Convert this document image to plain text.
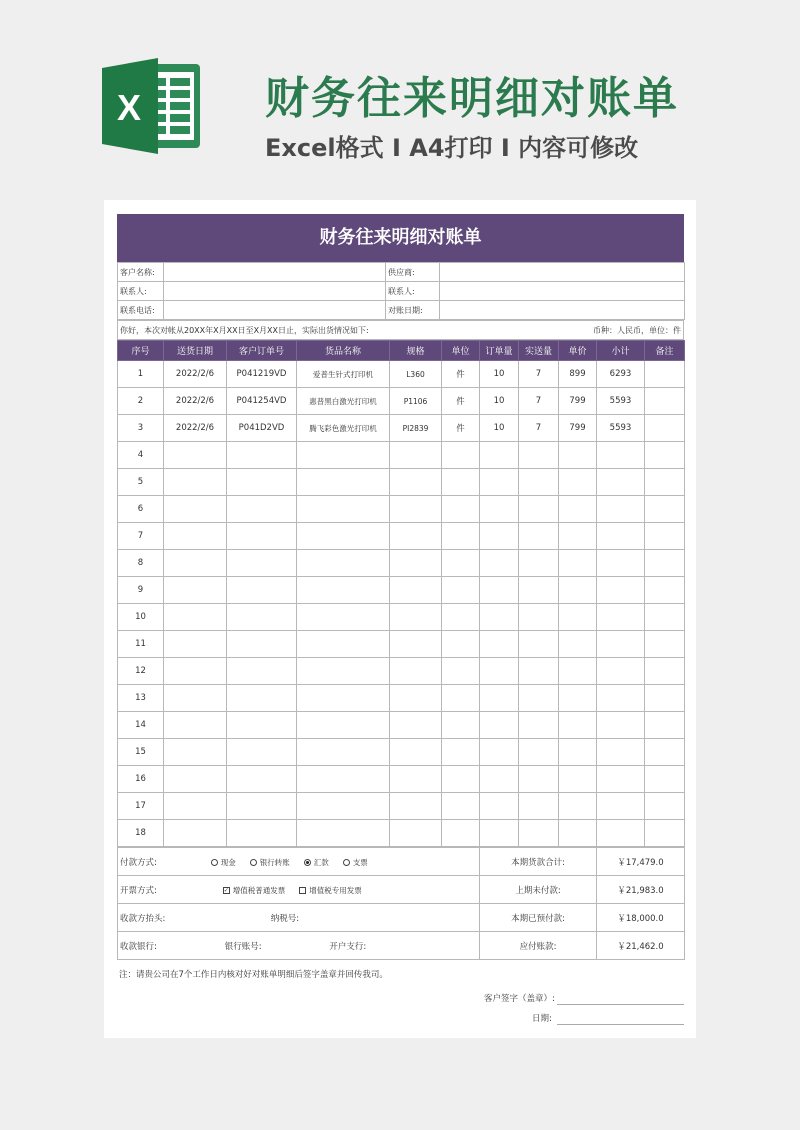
X	财务往来明细对账单
Excel格式 I A4打印 I 内容可修改
财务往来明细对账单
客户名称:		供应商:	
联系人:		联系人:	
联系电话:		对账日期:	
你好，本次对帐从20XX年X月XX日至X月XX日止，实际出货情况如下:	币种：人民币，单位：件
序号	送货日期	客户订单号	货品名称	规格	单位	订单量	实送量	单价	小计	备注
1	2022/2/6	P041219VD	爱普生针式打印机	L360	件	10	7	899	6293	
2	2022/2/6	P041254VD	惠普黑白激光打印机	P1106	件	10	7	799	5593	
3	2022/2/6	P041D2VD	腾飞彩色激光打印机	PI2839	件	10	7	799	5593	
4										
5										
6										
7										
8										
9										
10										
11										
12										
13										
14										
15										
16										
17										
18										
付款方式: 现金 银行转账 汇款 支票	本期货款合计:	￥17,479.0
开票方式: ✓ 增值税普通发票 增值税专用发票	上期未付款:	￥21,983.0
收款方抬头: 纳税号:	本期已预付款:	￥18,000.0
收款银行: 银行账号: 开户支行:	应付账款:	￥21,462.0
注：请贵公司在7个工作日内核对好对账单明细后签字盖章并回传我司。
客户签字（盖章）:
日期:
